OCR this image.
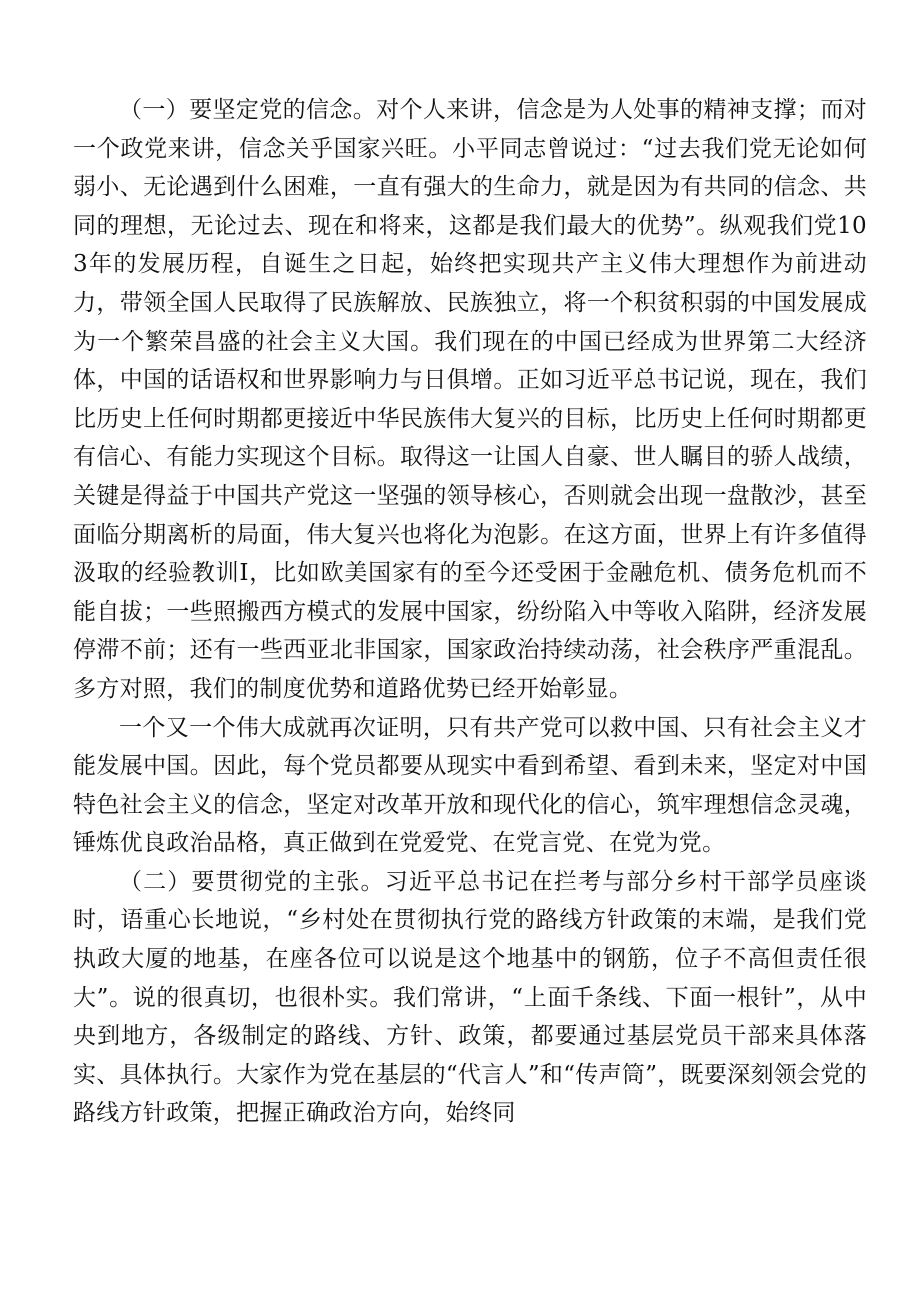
（一）要坚定党的信念。对个人来讲，信念是为人处事的精神支撑；而对一个政党来讲，信念关乎国家兴旺。小平同志曾说过：“过去我们党无论如何弱小、无论遇到什么困难，一直有强大的生命力，就是因为有共同的信念、共同的理想，无论过去、现在和将来，这都是我们最大的优势”。纵观我们党103年的发展历程，自诞生之日起，始终把实现共产主义伟大理想作为前进动力，带领全国人民取得了民族解放、民族独立，将一个积贫积弱的中国发展成为一个繁荣昌盛的社会主义大国。我们现在的中国已经成为世界第二大经济体，中国的话语权和世界影响力与日俱增。正如习近平总书记说，现在，我们比历史上任何时期都更接近中华民族伟大复兴的目标，比历史上任何时期都更有信心、有能力实现这个目标。取得这一让国人自豪、世人瞩目的骄人战绩，关键是得益于中国共产党这一坚强的领导核心，否则就会出现一盘散沙，甚至面临分期离析的局面，伟大复兴也将化为泡影。在这方面，世界上有许多值得汲取的经验教训I，比如欧美国家有的至今还受困于金融危机、债务危机而不能自拔；一些照搬西方模式的发展中国家，纷纷陷入中等收入陷阱，经济发展停滞不前；还有一些西亚北非国家，国家政治持续动荡，社会秩序严重混乱。多方对照，我们的制度优势和道路优势已经开始彰显。

一个又一个伟大成就再次证明，只有共产党可以救中国、只有社会主义才能发展中国。因此，每个党员都要从现实中看到希望、看到未来，坚定对中国特色社会主义的信念，坚定对改革开放和现代化的信心，筑牢理想信念灵魂，锤炼优良政治品格，真正做到在党爱党、在党言党、在党为党。

（二）要贯彻党的主张。习近平总书记在拦考与部分乡村干部学员座谈时，语重心长地说，“乡村处在贯彻执行党的路线方针政策的末端，是我们党执政大厦的地基，在座各位可以说是这个地基中的钢筋，位子不高但责任很大”。说的很真切，也很朴实。我们常讲，“上面千条线、下面一根针”，从中央到地方，各级制定的路线、方针、政策，都要通过基层党员干部来具体落实、具体执行。大家作为党在基层的“代言人”和“传声筒”，既要深刻领会党的路线方针政策，把握正确政治方向，始终同
